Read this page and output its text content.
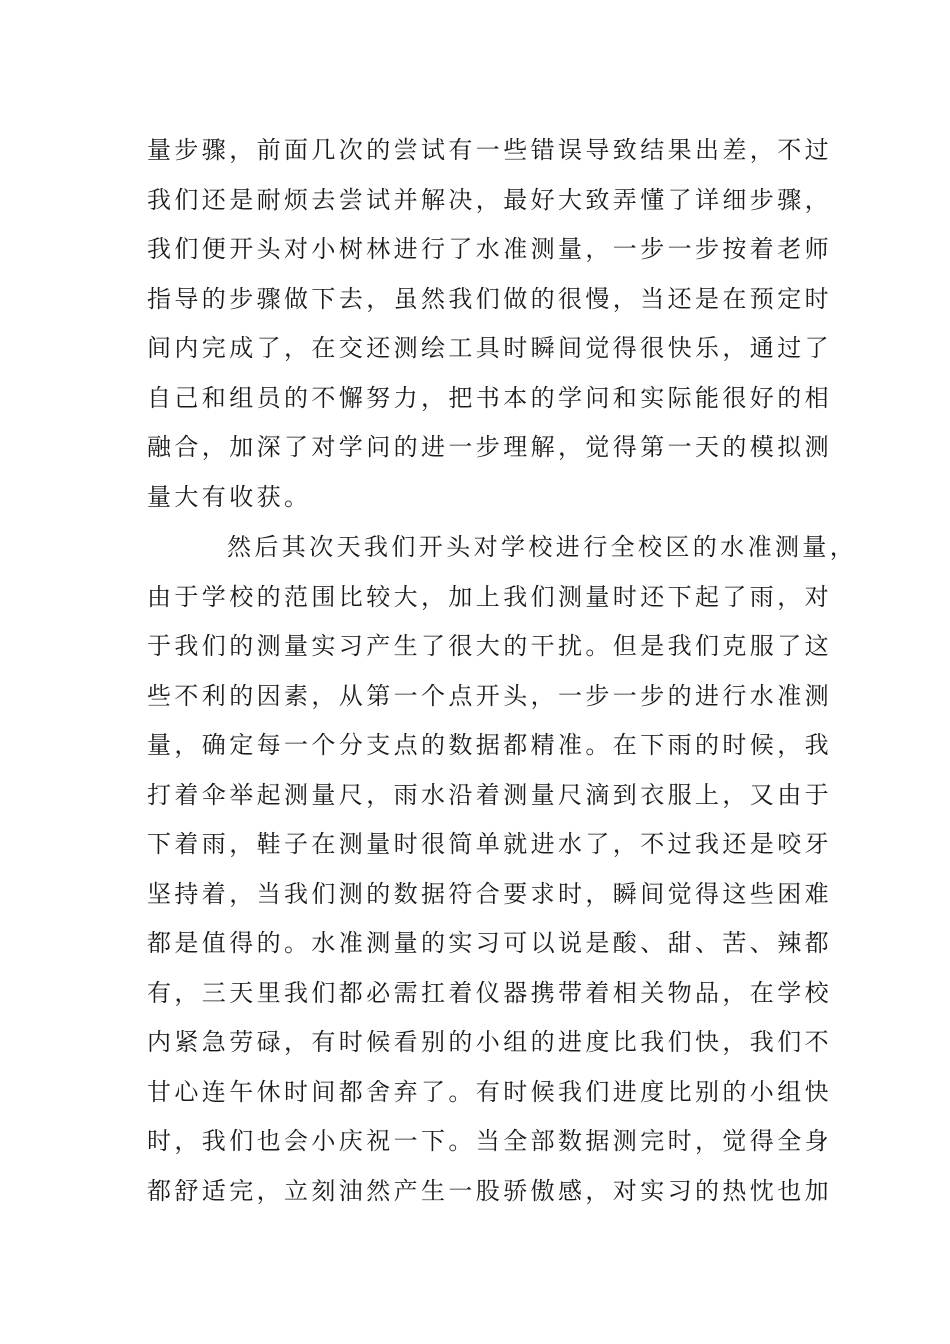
量步骤，前面几次的尝试有一些错误导致结果出差，不过
我们还是耐烦去尝试并解决，最好大致弄懂了详细步骤，
我们便开头对小树林进行了水准测量，一步一步按着老师
指导的步骤做下去，虽然我们做的很慢，当还是在预定时
间内完成了，在交还测绘工具时瞬间觉得很快乐，通过了
自己和组员的不懈努力，把书本的学问和实际能很好的相
融合，加深了对学问的进一步理解，觉得第一天的模拟测
量大有收获。
然后其次天我们开头对学校进行全校区的水准测量，
由于学校的范围比较大，加上我们测量时还下起了雨，对
于我们的测量实习产生了很大的干扰。但是我们克服了这
些不利的因素，从第一个点开头，一步一步的进行水准测
量，确定每一个分支点的数据都精准。在下雨的时候，我
打着伞举起测量尺，雨水沿着测量尺滴到衣服上，又由于
下着雨，鞋子在测量时很简单就进水了，不过我还是咬牙
坚持着，当我们测的数据符合要求时，瞬间觉得这些困难
都是值得的。水准测量的实习可以说是酸、甜、苦、辣都
有，三天里我们都必需扛着仪器携带着相关物品，在学校
内紧急劳碌，有时候看别的小组的进度比我们快，我们不
甘心连午休时间都舍弃了。有时候我们进度比别的小组快
时，我们也会小庆祝一下。当全部数据测完时，觉得全身
都舒适完，立刻油然产生一股骄傲感，对实习的热忱也加
